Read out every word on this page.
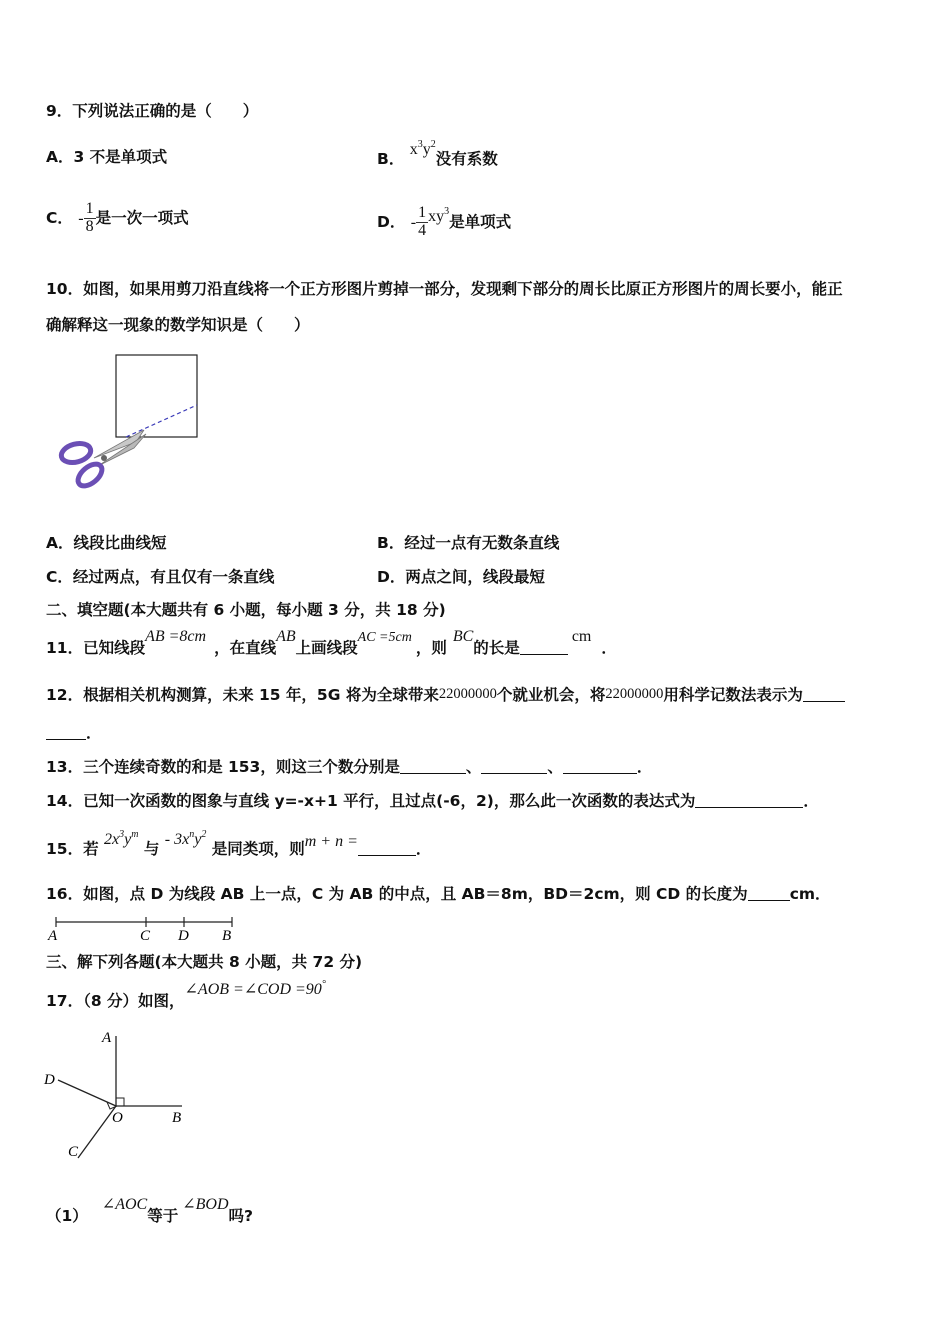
9．下列说法正确的是（　　）
A．3 不是单项式	B． $x^3y^2$没有系数
C． - $\frac{1}{8}$ 是一次一项式	D． - $\frac{1}{4} xy^3$是单项式
10．如图，如果用剪刀沿直线将一个正方形图片剪掉一部分，发现剩下部分的周长比原正方形图片的周长要小，能正
确解释这一现象的数学知识是（　　）
A．线段比曲线短	B．经过一点有无数条直线
C．经过两点，有且仅有一条直线	D．两点之间，线段最短
二、填空题(本大题共有 6 小题，每小题 3 分，共 18 分)
11．已知线段AB =8cm，在直线AB上画线段AC =5cm，则BC的长是cm．
12．根据相关机构测算，未来 15 年，5G 将为全球带来22000000个就业机会，将22000000用科学记数法表示为
．
13．三个连续奇数的和是 153，则这三个数分别是	、	、	．
14．已知一次函数的图象与直线 y=-x+1 平行，且过点(-6，2)，那么此一次函数的表达式为	．
15．若 $2x^3y^m$ 与 - $3x^ny^2$ 是同类项，则m + n =	．
16．如图，点 D 为线段 AB 上一点，C 为 AB 的中点，且 AB＝8m，BD＝2cm，则 CD 的长度为	cm．
A	C D B
三、解下列各题(本大题共 8 小题，共 72 分)
17．（8 分）如图，∠AOB =∠COD =90°
A
D
O	B
C
（1）∠AOC等于∠BOD吗?
